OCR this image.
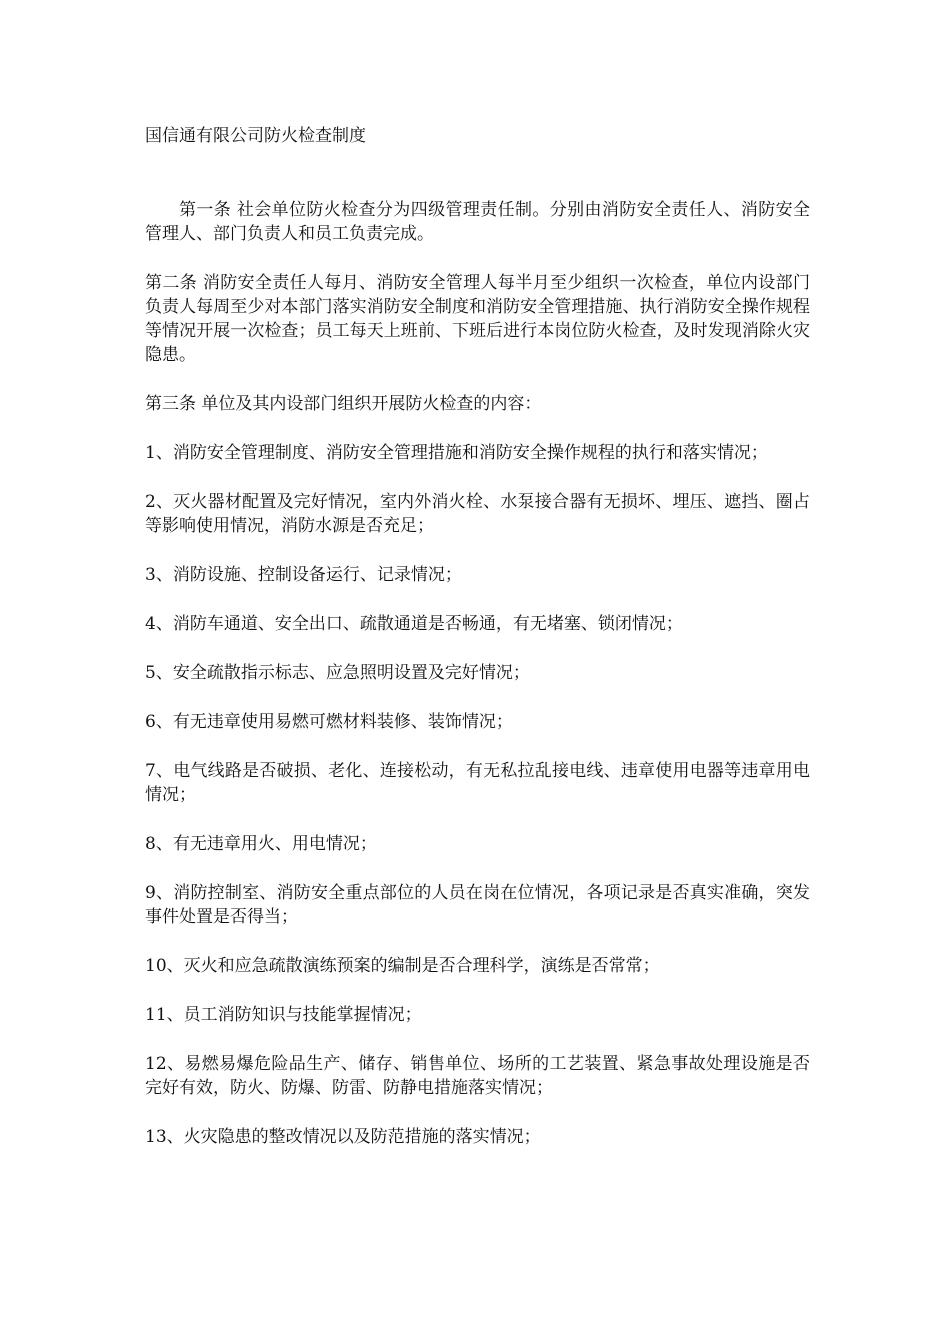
国信通有限公司防火检查制度

第一条 社会单位防火检查分为四级管理责任制。分别由消防安全责任人、消防安全管理人、部门负责人和员工负责完成。

第二条 消防安全责任人每月、消防安全管理人每半月至少组织一次检查，单位内设部门负责人每周至少对本部门落实消防安全制度和消防安全管理措施、执行消防安全操作规程等情况开展一次检查；员工每天上班前、下班后进行本岗位防火检查，及时发现消除火灾隐患。

第三条 单位及其内设部门组织开展防火检查的内容：

1、消防安全管理制度、消防安全管理措施和消防安全操作规程的执行和落实情况；

2、灭火器材配置及完好情况，室内外消火栓、水泵接合器有无损坏、埋压、遮挡、圈占等影响使用情况，消防水源是否充足；

3、消防设施、控制设备运行、记录情况；

4、消防车通道、安全出口、疏散通道是否畅通，有无堵塞、锁闭情况；

5、安全疏散指示标志、应急照明设置及完好情况；

6、有无违章使用易燃可燃材料装修、装饰情况；

7、电气线路是否破损、老化、连接松动，有无私拉乱接电线、违章使用电器等违章用电情况；

8、有无违章用火、用电情况；

9、消防控制室、消防安全重点部位的人员在岗在位情况，各项记录是否真实准确，突发事件处置是否得当；

10、灭火和应急疏散演练预案的编制是否合理科学，演练是否常常；

11、员工消防知识与技能掌握情况；

12、易燃易爆危险品生产、储存、销售单位、场所的工艺装置、紧急事故处理设施是否完好有效，防火、防爆、防雷、防静电措施落实情况；

13、火灾隐患的整改情况以及防范措施的落实情况；
